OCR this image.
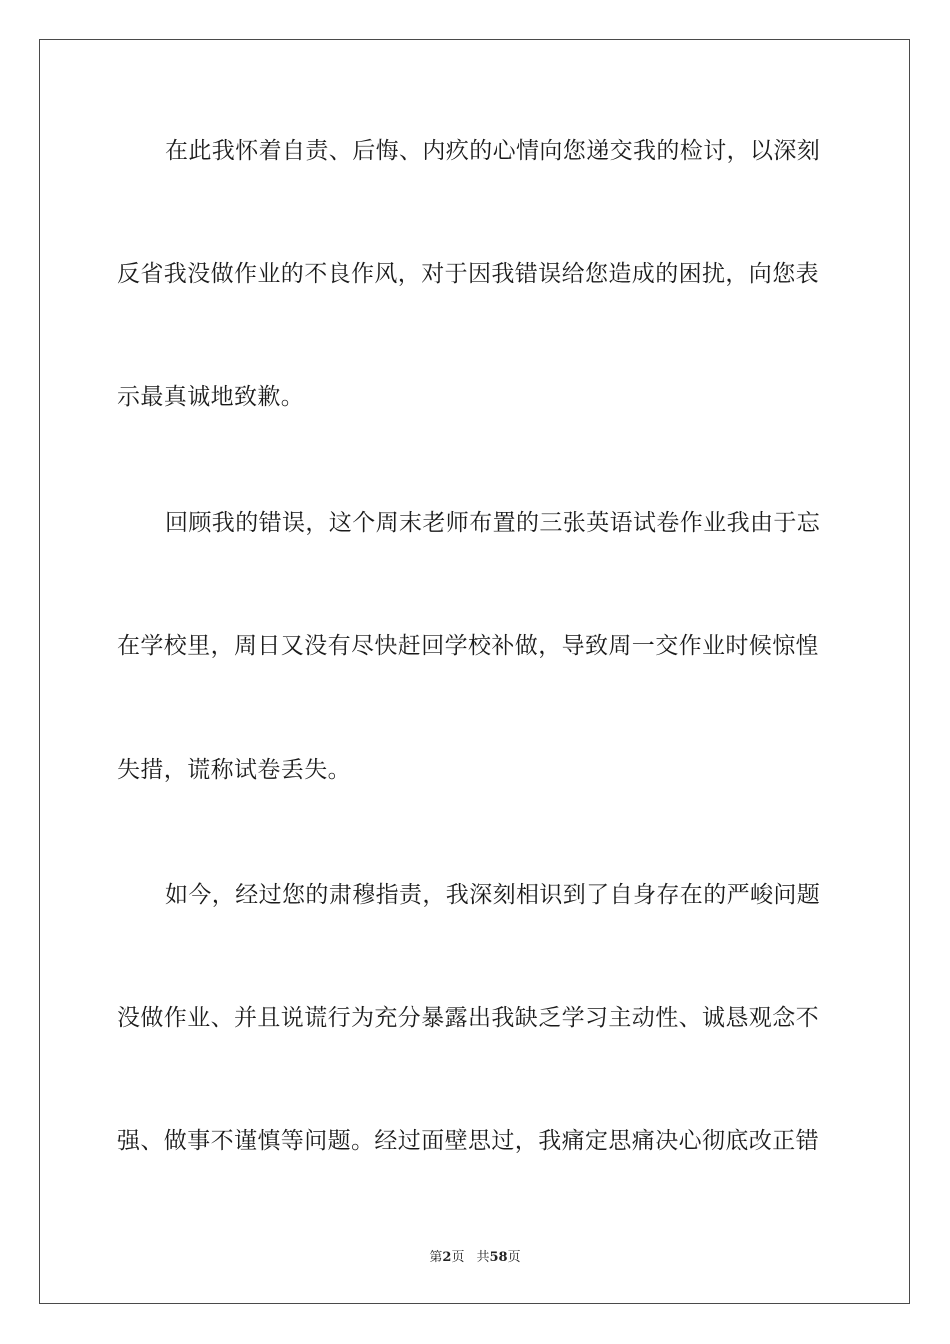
在此我怀着自责、后悔、内疚的心情向您递交我的检讨，以深刻

反省我没做作业的不良作风，对于因我错误给您造成的困扰，向您表

示最真诚地致歉。

回顾我的错误，这个周末老师布置的三张英语试卷作业我由于忘

在学校里，周日又没有尽快赶回学校补做，导致周一交作业时候惊惶

失措，谎称试卷丢失。

如今，经过您的肃穆指责，我深刻相识到了自身存在的严峻问题

没做作业、并且说谎行为充分暴露出我缺乏学习主动性、诚恳观念不

强、做事不谨慎等问题。经过面壁思过，我痛定思痛决心彻底改正错

第2页 共58页
